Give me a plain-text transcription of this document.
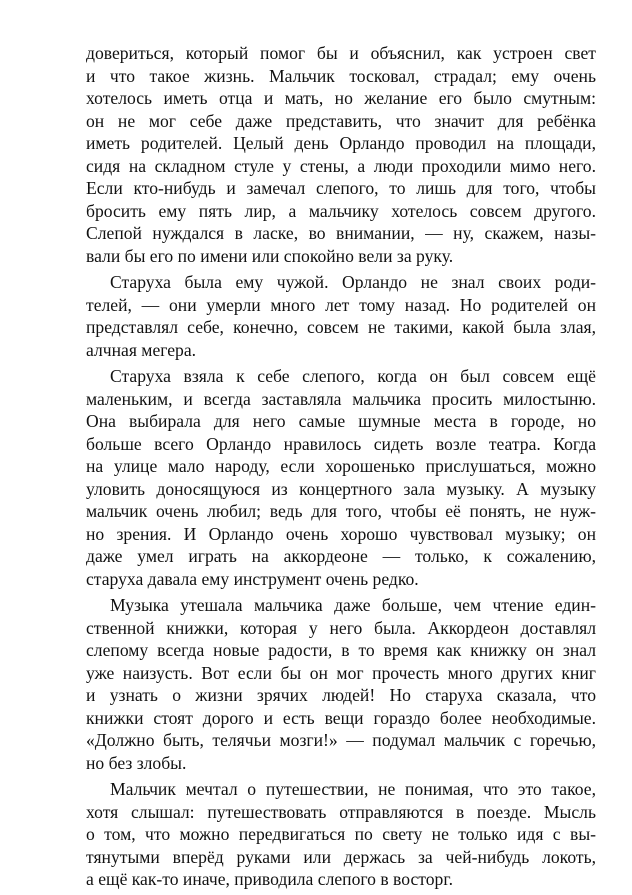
довериться, который помог бы и объяснил, как устроен свет
и что такое жизнь. Мальчик тосковал, страдал; ему очень
хотелось иметь отца и мать, но желание его было смутным:
он не мог себе даже представить, что значит для ребёнка
иметь родителей. Целый день Орландо проводил на площади,
сидя на складном стуле у стены, а люди проходили мимо него.
Если кто-нибудь и замечал слепого, то лишь для того, чтобы
бросить ему пять лир, а мальчику хотелось совсем другого.
Слепой нуждался в ласке, во внимании, — ну, скажем, назы-
вали бы его по имени или спокойно вели за руку.
Старуха была ему чужой. Орландо не знал своих роди-
телей, — они умерли много лет тому назад. Но родителей он
представлял себе, конечно, совсем не такими, какой была злая,
алчная мегера.
Старуха взяла к себе слепого, когда он был совсем ещё
маленьким, и всегда заставляла мальчика просить милостыню.
Она выбирала для него самые шумные места в городе, но
больше всего Орландо нравилось сидеть возле театра. Когда
на улице мало народу, если хорошенько прислушаться, можно
уловить доносящуюся из концертного зала музыку. А музыку
мальчик очень любил; ведь для того, чтобы её понять, не нуж-
но зрения. И Орландо очень хорошо чувствовал музыку; он
даже умел играть на аккордеоне — только, к сожалению,
старуха давала ему инструмент очень редко.
Музыка утешала мальчика даже больше, чем чтение един-
ственной книжки, которая у него была. Аккордеон доставлял
слепому всегда новые радости, в то время как книжку он знал
уже наизусть. Вот если бы он мог прочесть много других книг
и узнать о жизни зрячих людей! Но старуха сказала, что
книжки стоят дорого и есть вещи гораздо более необходимые.
«Должно быть, телячьи мозги!» — подумал мальчик с горечью,
но без злобы.
Мальчик мечтал о путешествии, не понимая, что это такое,
хотя слышал: путешествовать отправляются в поезде. Мысль
о том, что можно передвигаться по свету не только идя с вы-
тянутыми вперёд руками или держась за чей-нибудь локоть,
а ещё как-то иначе, приводила слепого в восторг.
